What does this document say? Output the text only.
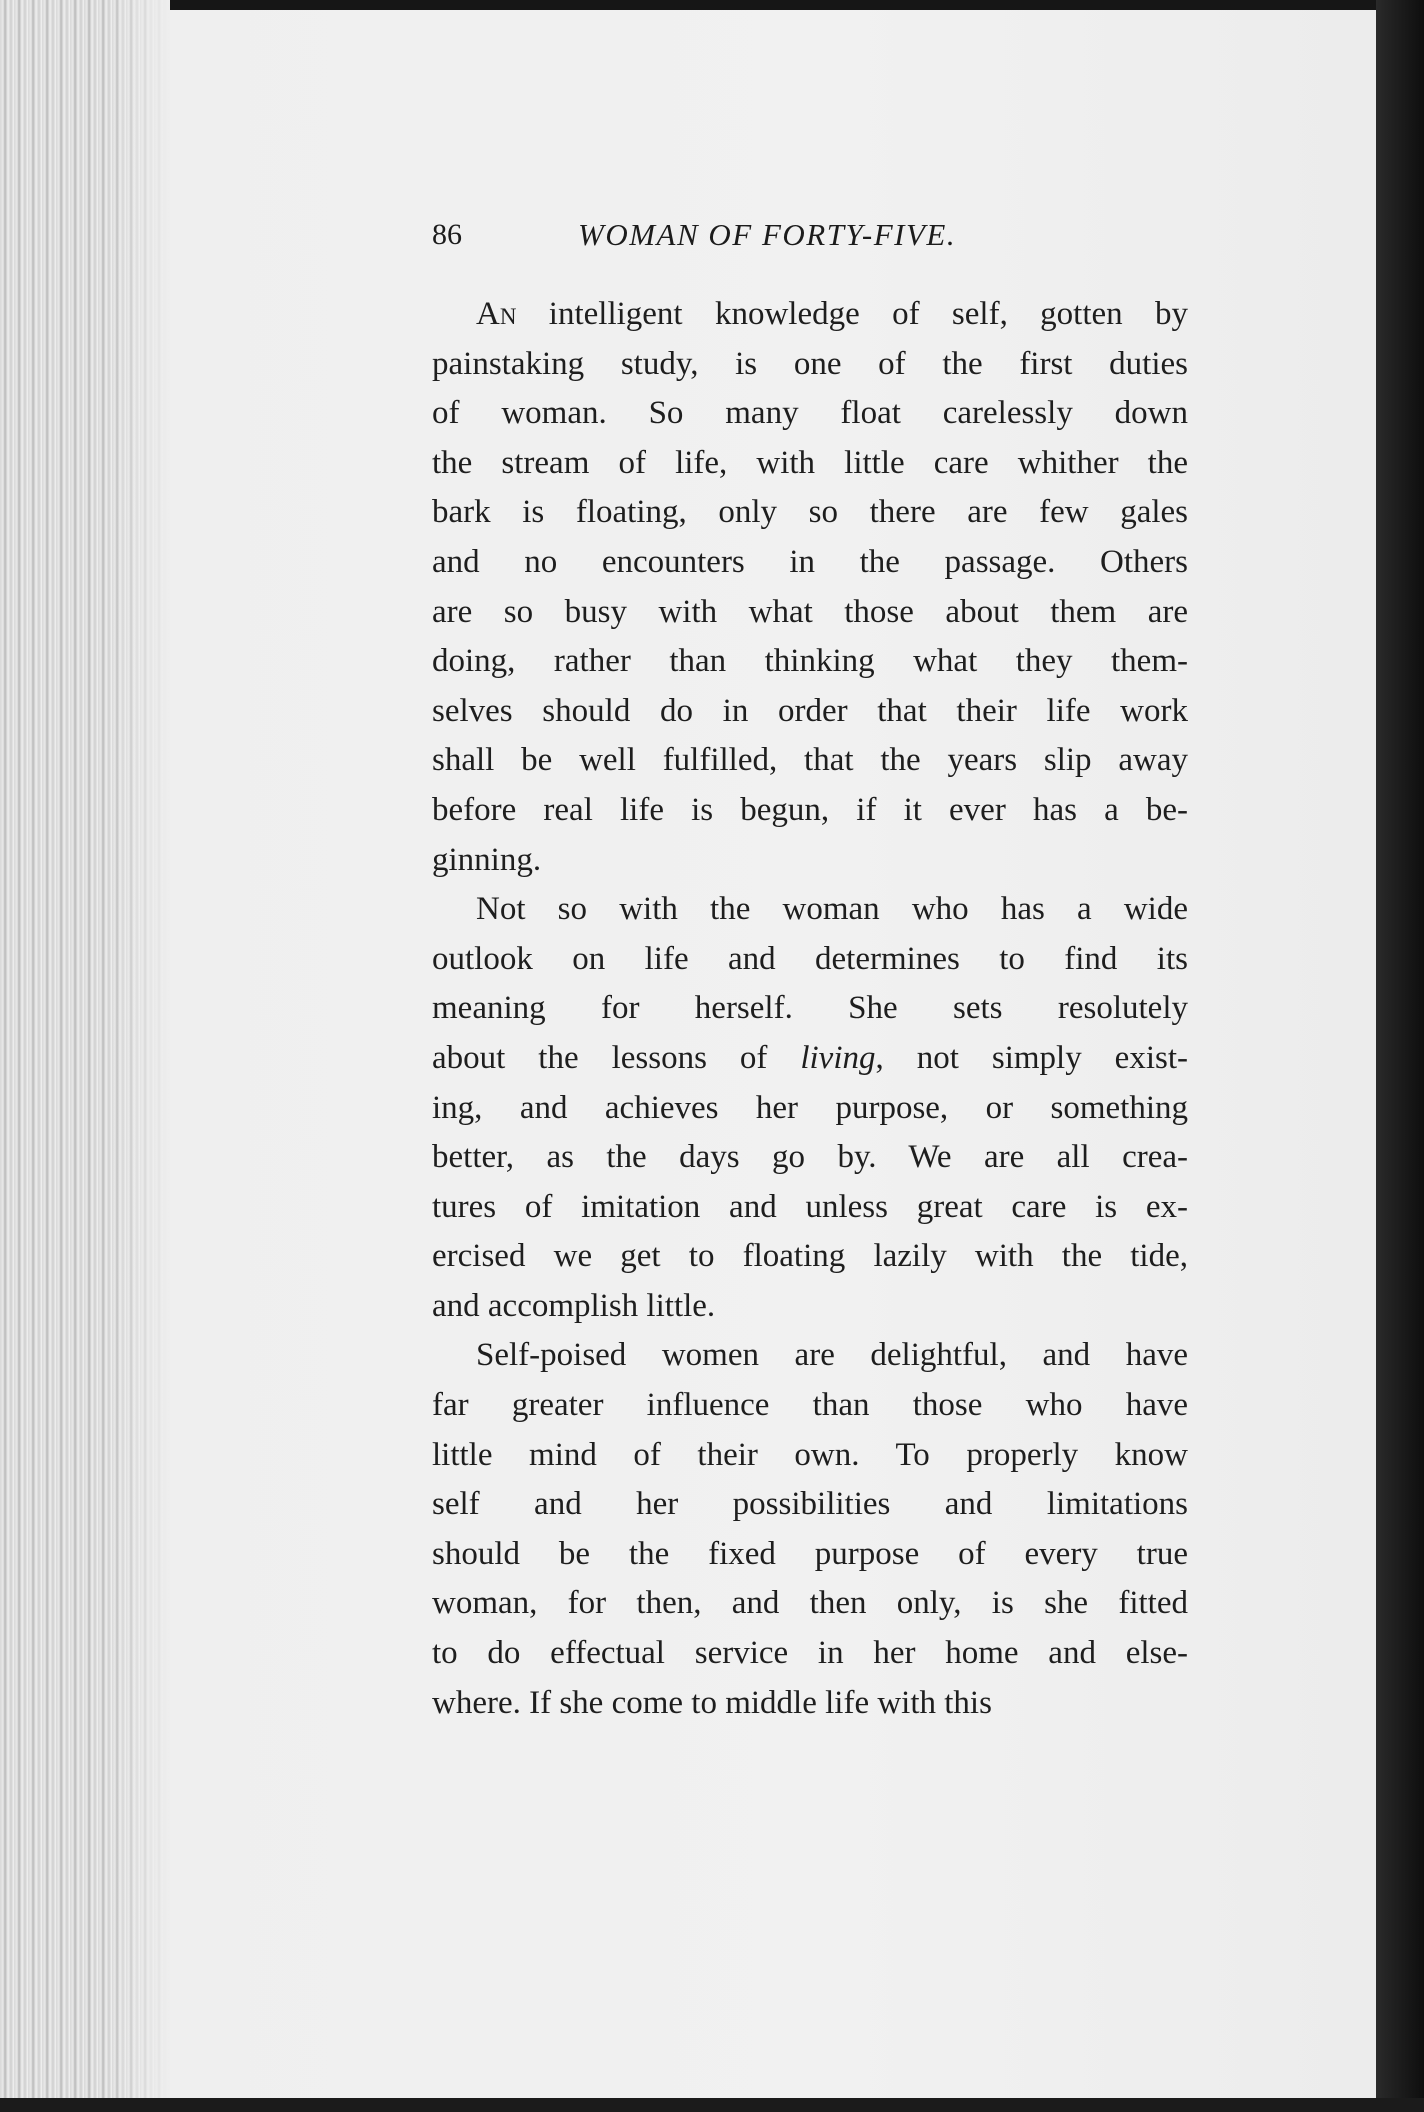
86	WOMAN OF FORTY-FIVE.
An intelligent knowledge of self, gotten by
painstaking study, is one of the first duties
of woman. So many float carelessly down
the stream of life, with little care whither the
bark is floating, only so there are few gales
and no encounters in the passage. Others
are so busy with what those about them are
doing, rather than thinking what they them-
selves should do in order that their life work
shall be well fulfilled, that the years slip away
before real life is begun, if it ever has a be-
ginning.
Not so with the woman who has a wide
outlook on life and determines to find its
meaning for herself. She sets resolutely
about the lessons of living, not simply exist-
ing, and achieves her purpose, or something
better, as the days go by. We are all crea-
tures of imitation and unless great care is ex-
ercised we get to floating lazily with the tide,
and accomplish little.
Self-poised women are delightful, and have
far greater influence than those who have
little mind of their own. To properly know
self and her possibilities and limitations
should be the fixed purpose of every true
woman, for then, and then only, is she fitted
to do effectual service in her home and else-
where. If she come to middle life with this
